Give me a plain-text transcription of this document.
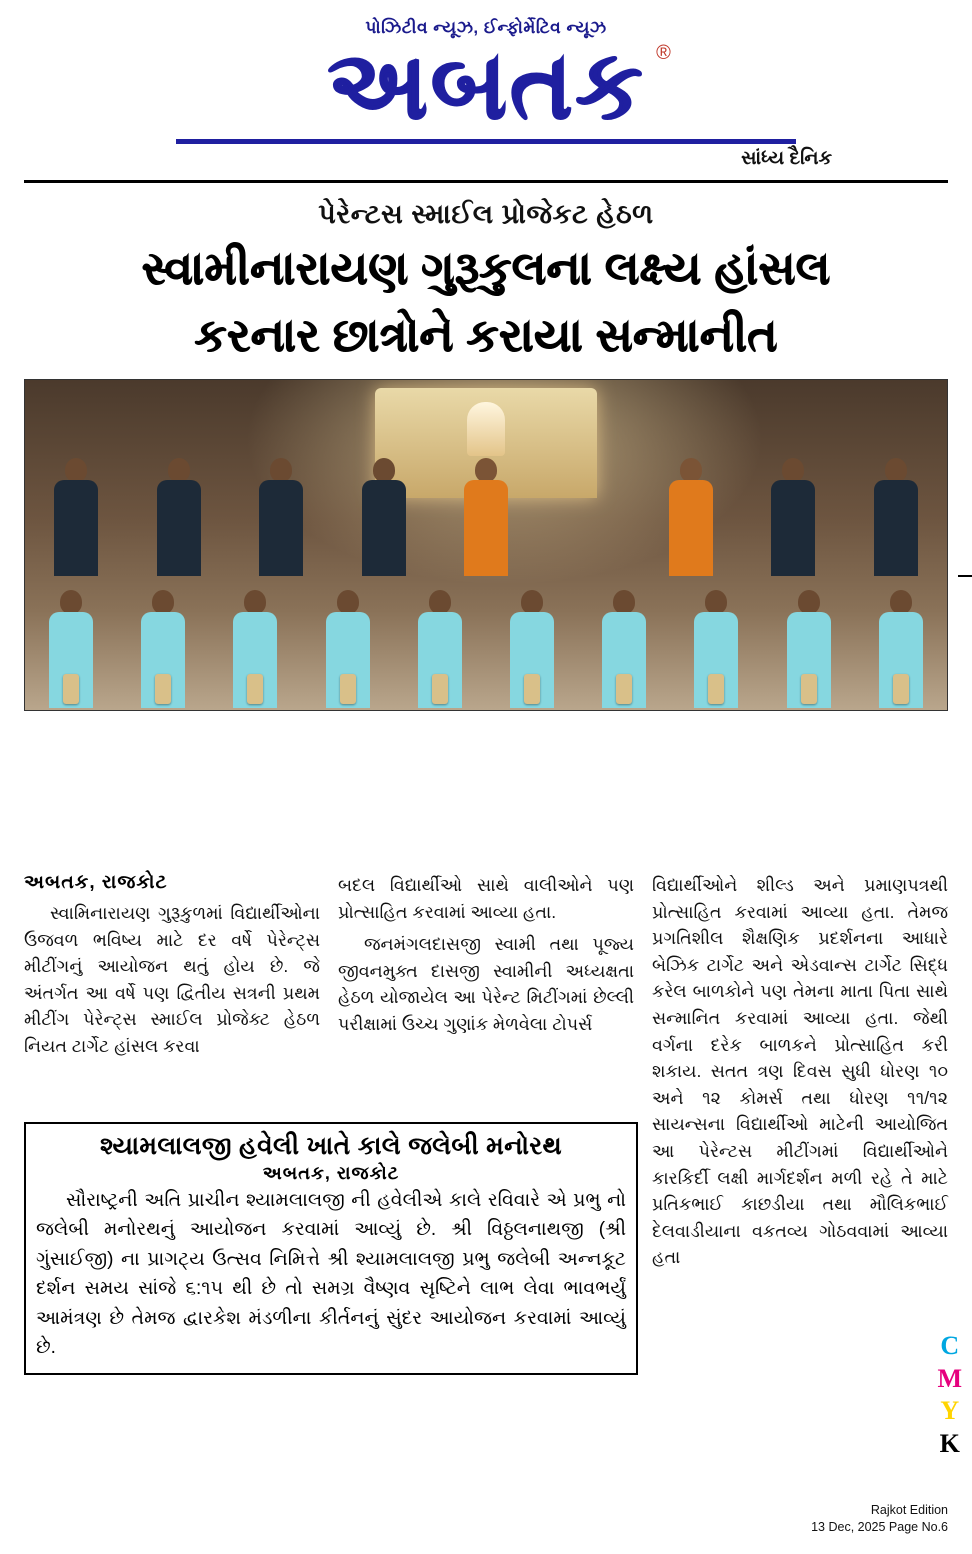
પોઝિટીવ ન્યૂઝ, ઈન્ફોર્મેટિવ ન્યૂઝ
અબતક ®
સાંધ્ય દૈનિક
પેરેન્ટસ સ્માઈલ પ્રોજેકટ હેઠળ
સ્વામીનારાયણ ગુરૂકુલના લક્ષ્ય હાંસલ
કરનાર છાત્રોને કરાયા સન્માનીત
અબતક, રાજકોટ

સ્વામિનારાયણ ગુરૂકુળમાં વિદ્યાર્થીઓના ઉજવળ ભવિષ્ય માટે દર વર્ષે પેરેન્ટ્સ મીટીંગનું આયોજન થતું હોય છે. જે અંતર્ગત આ વર્ષે પણ દ્વિતીય સત્રની પ્રથમ મીટીંગ પેરેન્ટ્સ સ્માઈલ પ્રોજેક્ટ હેઠળ નિયત ટાર્ગેટ હાંસલ કરવા

બદલ વિદ્યાર્થીઓ સાથે વાલીઓને પણ પ્રોત્સાહિત કરવામાં આવ્યા હતા.

જનમંગલદાસજી સ્વામી તથા પૂજ્ય જીવનમુક્ત દાસજી સ્વામીની અધ્યક્ષતા હેઠળ યોજાયેલ આ પેરેન્ટ મિટીંગમાં છેલ્લી પરીક્ષામાં ઉચ્ચ ગુણાંક મેળવેલા ટોપર્સ

વિદ્યાર્થીઓને શીલ્ડ અને પ્રમાણપત્રથી પ્રોત્સાહિત કરવામાં આવ્યા હતા. તેમજ પ્રગતિશીલ શૈક્ષણિક પ્રદર્શનના આધારે બેઝિક ટાર્ગેટ અને એડવાન્સ ટાર્ગેટ સિદ્ધ કરેલ બાળકોને પણ તેમના માતા પિતા સાથે સન્માનિત કરવામાં આવ્યા હતા. જેથી વર્ગના દરેક બાળકને પ્રોત્સાહિત કરી શકાય. સતત ત્રણ દિવસ સુધી ધોરણ ૧૦ અને ૧૨ કોમર્સ તથા ધોરણ ૧૧/૧૨ સાયન્સના વિદ્યાર્થીઓ માટેની આયોજિત આ પેરેન્ટસ મીટીંગમાં વિદ્યાર્થીઓને કારકિર્દી લક્ષી માર્ગદર્શન મળી રહે તે માટે પ્રતિકભાઈ કાછડીયા તથા મૌલિકભાઈ દેલવાડીયાના વકતવ્ય ગોઠવવામાં આવ્યા હતા

શ્યામલાલજી હવેલી ખાતે કાલે જલેબી મનોરથ
અબતક, રાજકોટ

સૌરાષ્ટ્રની અતિ પ્રાચીન શ્યામલાલજી ની હવેલીએ કાલે રવિવારે એ પ્રભુ નો જલેબી મનોરથનું આયોજન કરવામાં આવ્યું છે. શ્રી વિઠ્ઠલનાથજી (શ્રી ગુંસાઈજી) ના પ્રાગટ્ય ઉત્સવ નિમિત્તે શ્રી શ્યામલાલજી પ્રભુ જલેબી અન્નકૂટ દર્શન સમય સાંજે ૬:૧૫ થી છે તો સમગ્ર વૈષ્ણવ સૃષ્ટિને લાભ લેવા ભાવભર્યું આમંત્રણ છે તેમજ દ્વારકેશ મંડળીના કીર્તનનું સુંદર આયોજન કરવામાં આવ્યું છે.	C
M
Y
K
Rajkot Edition
13 Dec, 2025 Page No.6
